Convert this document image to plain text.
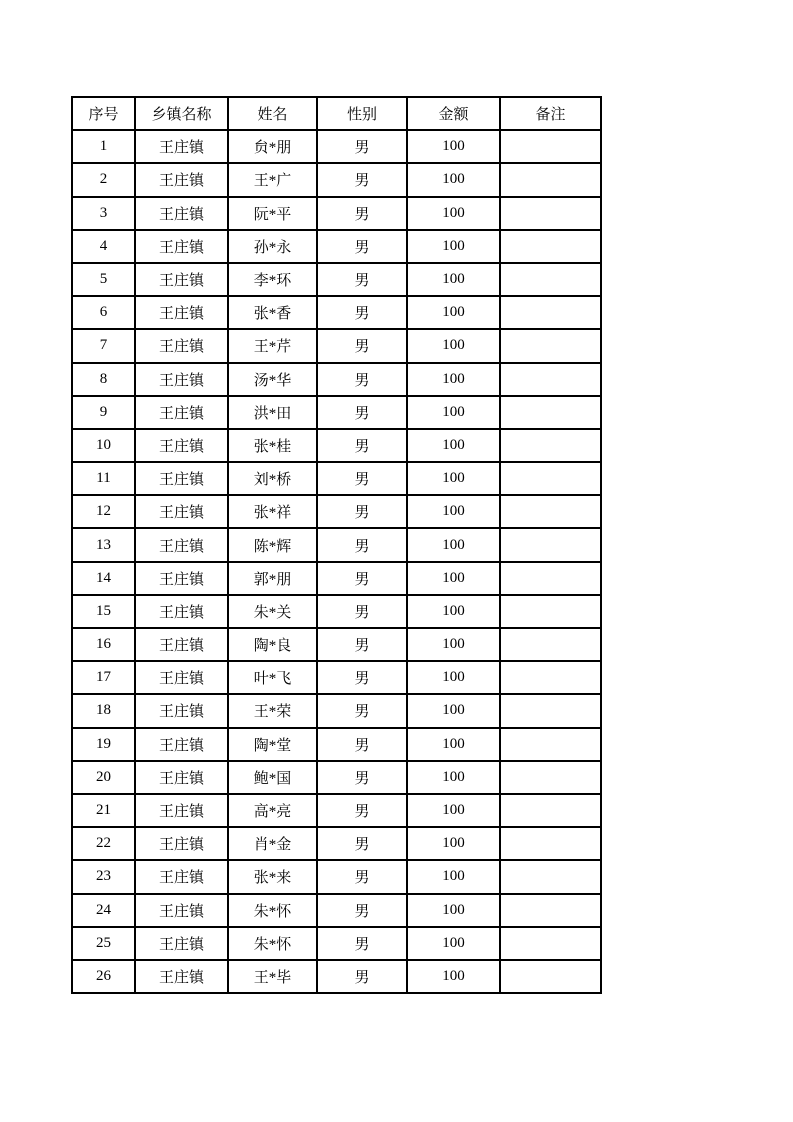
序号	乡镇名称	姓名	性别	金额	备注
1	王庄镇	贠*朋	男	100	
2	王庄镇	王*广	男	100	
3	王庄镇	阮*平	男	100	
4	王庄镇	孙*永	男	100	
5	王庄镇	李*环	男	100	
6	王庄镇	张*香	男	100	
7	王庄镇	王*芹	男	100	
8	王庄镇	汤*华	男	100	
9	王庄镇	洪*田	男	100	
10	王庄镇	张*桂	男	100	
11	王庄镇	刘*桥	男	100	
12	王庄镇	张*祥	男	100	
13	王庄镇	陈*辉	男	100	
14	王庄镇	郭*朋	男	100	
15	王庄镇	朱*关	男	100	
16	王庄镇	陶*良	男	100	
17	王庄镇	叶*飞	男	100	
18	王庄镇	王*荣	男	100	
19	王庄镇	陶*堂	男	100	
20	王庄镇	鲍*国	男	100	
21	王庄镇	高*亮	男	100	
22	王庄镇	肖*金	男	100	
23	王庄镇	张*来	男	100	
24	王庄镇	朱*怀	男	100	
25	王庄镇	朱*怀	男	100	
26	王庄镇	王*毕	男	100	
